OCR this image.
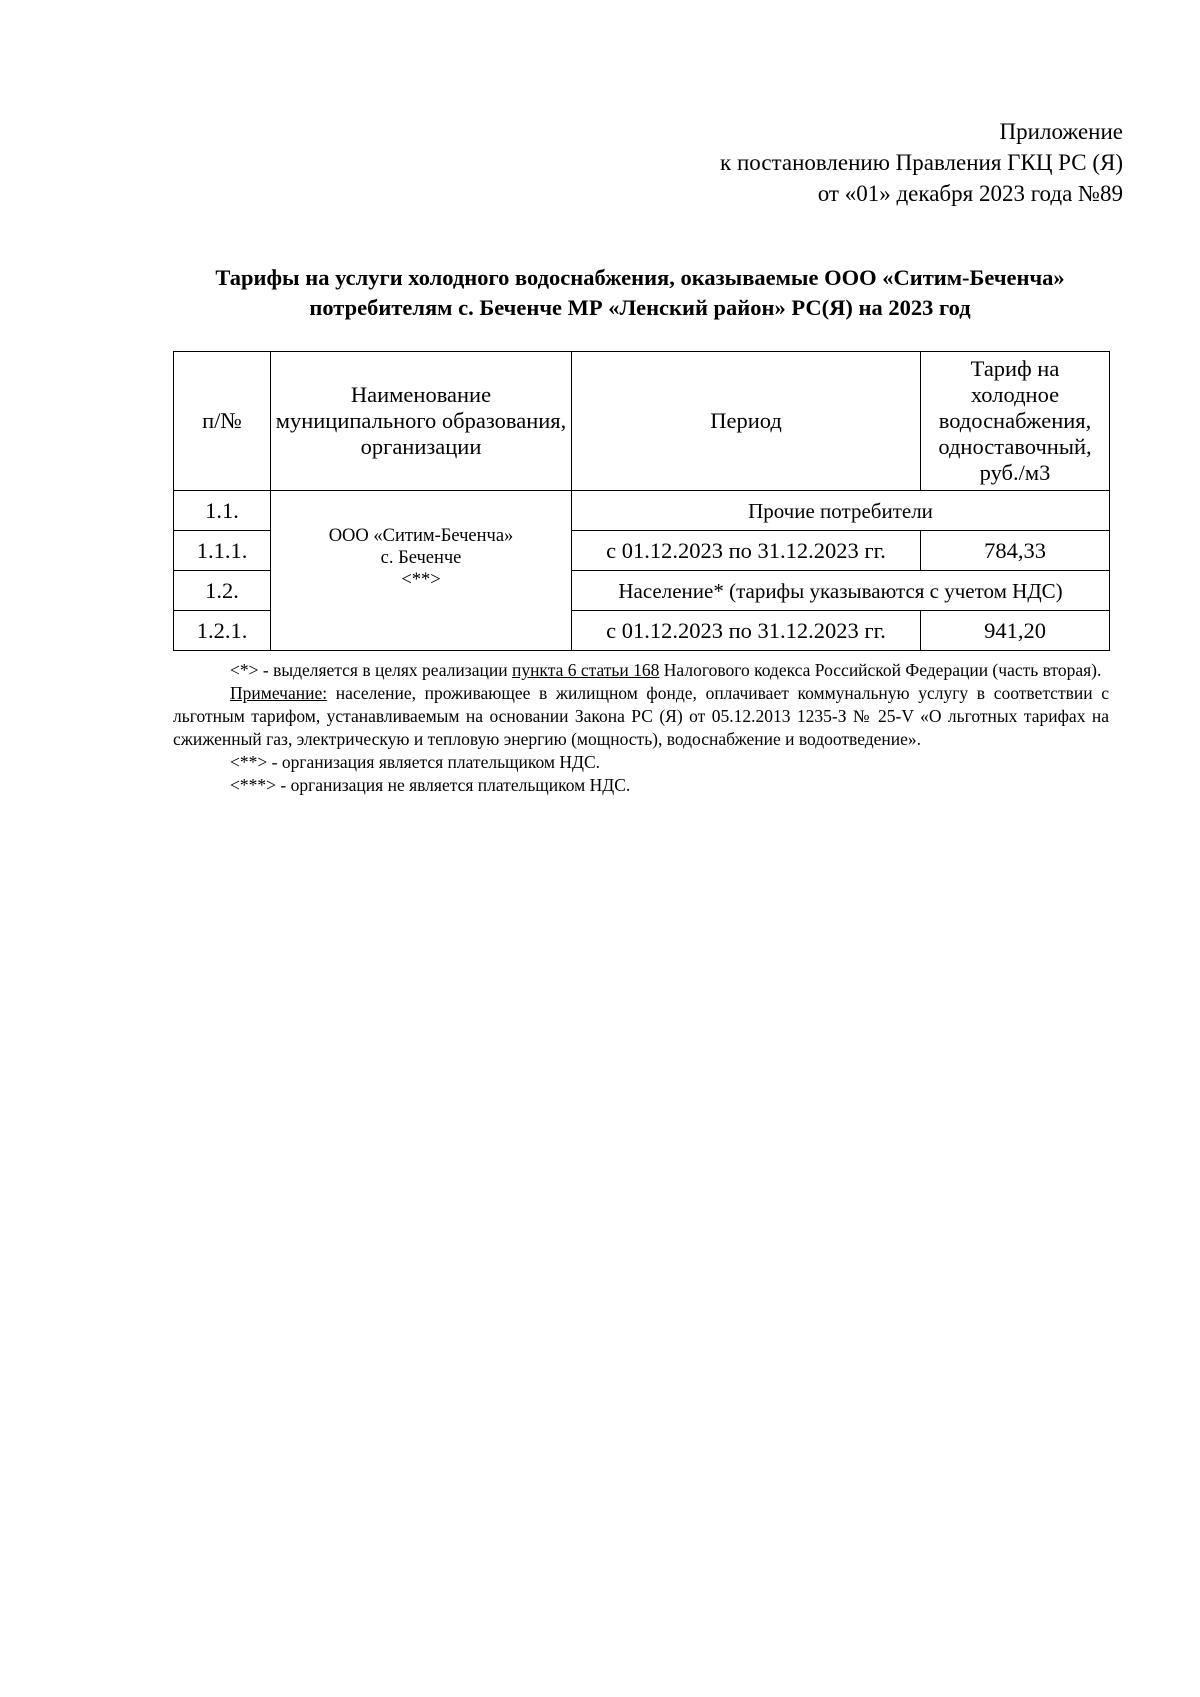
Приложение
к постановлению Правления ГКЦ РС (Я)
от «01» декабря 2023 года №89
Тарифы на услуги холодного водоснабжения, оказываемые ООО «Ситим-Беченча»
потребителям с. Беченче МР «Ленский район» РС(Я) на 2023 год
п/№	Наименование муниципального образования, организации	Период	Тариф на холодное водоснабжения, одноставочный, руб./м3
1.1.	ООО «Ситим-Беченча»
с. Беченче
<**>	Прочие потребители	
1.1.1.		с 01.12.2023 по 31.12.2023 гг.	784,33
1.2.		Население* (тарифы указываются с учетом НДС)	
1.2.1.		с 01.12.2023 по 31.12.2023 гг.	941,20

<*> - выделяется в целях реализации пункта 6 статьи 168 Налогового кодекса Российской Федерации (часть вторая).

Примечание: население, проживающее в жилищном фонде, оплачивает коммунальную услугу в соответствии с льготным тарифом, устанавливаемым на основании Закона РС (Я) от 05.12.2013 1235-З № 25-V «О льготных тарифах на сжиженный газ, электрическую и тепловую энергию (мощность), водоснабжение и водоотведение».

<**> - организация является плательщиком НДС.

<***> - организация не является плательщиком НДС.
